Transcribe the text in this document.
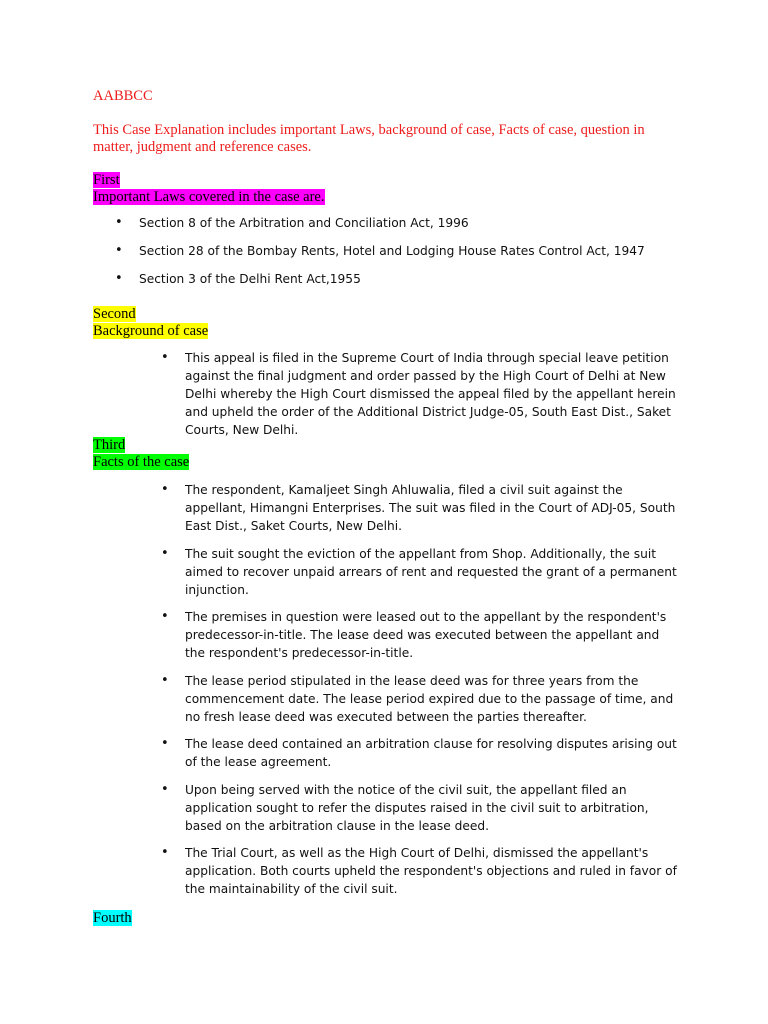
AABBCC
This Case Explanation includes important Laws, background of case, Facts of case, question in matter, judgment and reference cases.
First
Important Laws covered in the case are.
• Section 8 of the Arbitration and Conciliation Act, 1996
• Section 28 of the Bombay Rents, Hotel and Lodging House Rates Control Act, 1947
• Section 3 of the Delhi Rent Act,1955
Second
Background of case
• This appeal is filed in the Supreme Court of India through special leave petition against the final judgment and order passed by the High Court of Delhi at New Delhi whereby the High Court dismissed the appeal filed by the appellant herein and upheld the order of the Additional District Judge-05, South East Dist., Saket Courts, New Delhi.
Third
Facts of the case
• The respondent, Kamaljeet Singh Ahluwalia, filed a civil suit against the appellant, Himangni Enterprises. The suit was filed in the Court of ADJ-05, South East Dist., Saket Courts, New Delhi.
• The suit sought the eviction of the appellant from Shop. Additionally, the suit aimed to recover unpaid arrears of rent and requested the grant of a permanent injunction.
• The premises in question were leased out to the appellant by the respondent's predecessor-in-title. The lease deed was executed between the appellant and the respondent's predecessor-in-title.
• The lease period stipulated in the lease deed was for three years from the commencement date. The lease period expired due to the passage of time, and no fresh lease deed was executed between the parties thereafter.
• The lease deed contained an arbitration clause for resolving disputes arising out of the lease agreement.
• Upon being served with the notice of the civil suit, the appellant filed an application sought to refer the disputes raised in the civil suit to arbitration, based on the arbitration clause in the lease deed.
• The Trial Court, as well as the High Court of Delhi, dismissed the appellant's application. Both courts upheld the respondent's objections and ruled in favor of the maintainability of the civil suit.
Fourth
